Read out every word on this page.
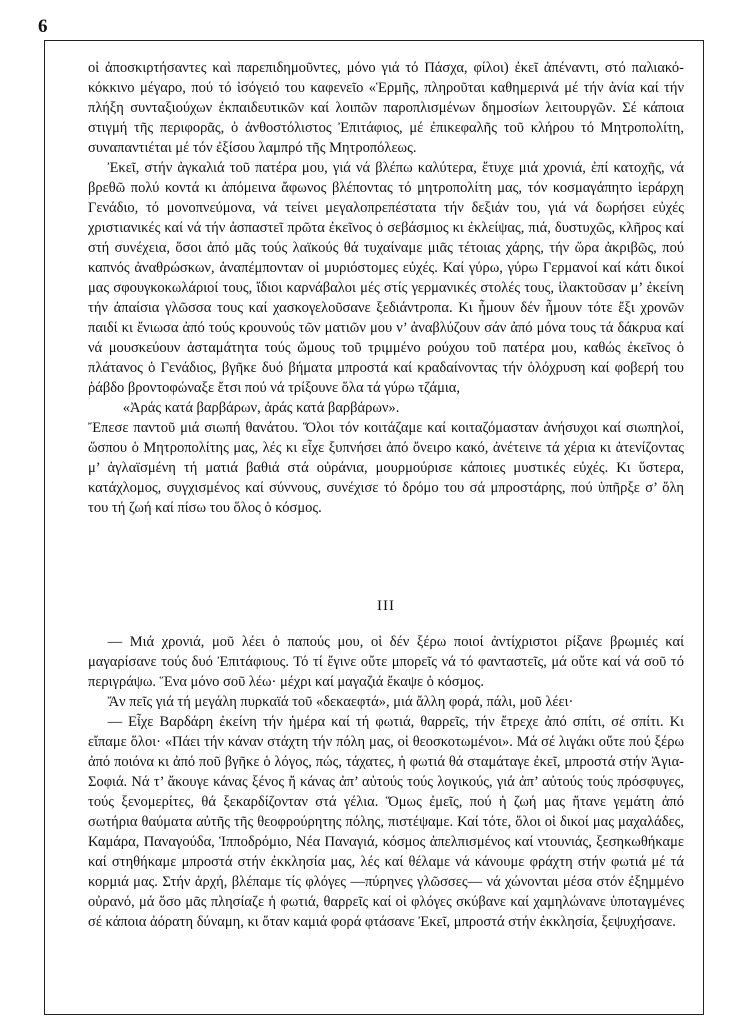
6

οἱ ἀποσκιρτήσαντες καὶ παρεπιδημοῦντες, μόνο γιά τό Πάσχα, φίλοι) ἐκεῖ ἀπέναντι, στό παλιακό-κόκκινο μέγαρο, πού τό ἰσόγειό του καφενεῖο «Ἑρμῆς, πληροῦται καθημερινά μέ τήν ἀνία καί τήν πλήξη συνταξιούχων ἐκπαιδευτικῶν καί λοιπῶν παροπλισμένων δημοσίων λειτουργῶν. Σέ κάποια στιγμή τῆς περιφορᾶς, ὁ ἀνθοστόλιστος Ἐπιτάφιος, μέ ἐπικεφαλῆς τοῦ κλήρου τό Μητροπολίτη, συναπαντιέται μέ τόν ἐξίσου λαμπρό τῆς Μητροπόλεως.

Ἐκεῖ, στήν ἀγκαλιά τοῦ πατέρα μου, γιά νά βλέπω καλύτερα, ἔτυχε μιά χρονιά, ἐπί κατοχῆς, νά βρεθῶ πολύ κοντά κι ἀπόμεινα ἄφωνος βλέποντας τό μητροπολίτη μας, τόν κοσμαγάπητο ἱεράρχη Γενάδιο, τό μονοπνεύμονα, νά τείνει μεγαλοπρεπέστατα τήν δεξιάν του, γιά νά δωρήσει εὐχές χριστιανικές καί νά τήν ἀσπαστεῖ πρῶτα ἐκεῖνος ὁ σεβάσμιος κι ἐκλείψας, πιά, δυστυχῶς, κλῆρος καί στή συνέχεια, ὅσοι ἀπό μᾶς τούς λαϊκούς θά τυχαίναμε μιᾶς τέτοιας χάρης, τήν ὥρα ἀκριβῶς, πού καπνός ἀναθρώσκων, ἀναπέμπονταν οἱ μυριόστομες εὐχές. Καί γύρω, γύρω Γερμανοί καί κάτι δικοί μας σφουγκοκωλάριοί τους, ἴδιοι καρνάβαλοι μές στίς γερμανικές στολές τους, ἰλακτοῦσαν μ’ ἐκείνη τήν ἀπαίσια γλῶσσα τους καί χασκογελοῦσανε ξεδιάντροπα. Κι ἦμουν δέν ἦμουν τότε ἔξι χρονῶν παιδί κι ἔνιωσα ἀπό τούς κρουνούς τῶν ματιῶν μου ν’ ἀναβλύζουν σάν ἀπό μόνα τους τά δάκρυα καί νά μουσκεύουν ἀσταμάτητα τούς ὤμους τοῦ τριμμένο ρούχου τοῦ πατέρα μου, καθώς ἐκεῖνος ὁ πλάτανος ὁ Γενάδιος, βγῆκε δυό βήματα μπροστά καί κραδαίνοντας τήν ὁλόχρυση καί φοβερή του ῥάβδο βροντοφώναξε ἔτσι πού νά τρίξουνε ὅλα τά γύρω τζάμια,

«Ἀράς κατά βαρβάρων, ἀράς κατά βαρβάρων».

Ἔπεσε παντοῦ μιά σιωπή θανάτου. Ὅλοι τόν κοιτάζαμε καί κοιταζόμασταν ἀνήσυχοι καί σιωπηλοί, ὥσπου ὁ Μητροπολίτης μας, λές κι εἶχε ξυπνήσει ἀπό ὄνειρο κακό, ἀνέτεινε τά χέρια κι ἀτενίζοντας μ’ ἀγλαϊσμένη τή ματιά βαθιά στά οὐράνια, μουρμούρισε κάποιες μυστικές εὐχές. Κι ὕστερα, κατάχλομος, συγχισμένος καί σύννους, συνέχισε τό δρόμο του σά μπροστάρης, πού ὑπῆρξε σ’ ὅλη του τή ζωή καί πίσω του ὅλος ὁ κόσμος.

III

— Μιά χρονιά, μοῦ λέει ὁ παπούς μου, οἱ δέν ξέρω ποιοί ἀντίχριστοι ρίξανε βρωμιές καί μαγαρίσανε τούς δυό Ἐπιτάφιους. Τό τί ἔγινε οὔτε μπορεῖς νά τό φανταστεῖς, μά οὔτε καί νά σοῦ τό περιγράψω. Ἕνα μόνο σοῦ λέω· μέχρι καί μαγαζιά ἔκαψε ὁ κόσμος.

Ἄν πεῖς γιά τή μεγάλη πυρκαϊά τοῦ «δεκαεφτά», μιά ἄλλη φορά, πάλι, μοῦ λέει·

— Εἶχε Βαρδάρη ἐκείνη τήν ἡμέρα καί τή φωτιά, θαρρεῖς, τήν ἔτρεχε ἀπό σπίτι, σέ σπίτι. Κι εἴπαμε ὅλοι· «Πάει τήν κάναν στάχτη τήν πόλη μας, οἱ θεοσκοτωμένοι». Μά σέ λιγάκι οὔτε πού ξέρω ἀπό ποιόνα κι ἀπό ποῦ βγῆκε ὁ λόγος, πώς, τάχατες, ἡ φωτιά θά σταμάταγε ἐκεῖ, μπροστά στήν Ἁγια-Σοφιά. Νά τ’ ἄκουγε κάνας ξένος ἤ κάνας ἀπ’ αὐτούς τούς λογικούς, γιά ἀπ’ αὐτούς τούς πρόσφυγες, τούς ξενομερίτες, θά ξεκαρδίζονταν στά γέλια. Ὅμως ἐμεῖς, πού ἡ ζωή μας ἤτανε γεμάτη ἀπό σωτήρια θαύματα αὐτῆς τῆς θεοφρούρητης πόλης, πιστέψαμε. Καί τότε, ὅλοι οἱ δικοί μας μαχαλάδες, Καμάρα, Παναγούδα, Ἱπποδρόμιο, Νέα Παναγιά, κόσμος ἀπελπισμένος καί ντουνιάς, ξεσηκωθήκαμε καί στηθήκαμε μπροστά στήν ἐκκλησία μας, λές καί θέλαμε νά κάνουμε φράχτη στήν φωτιά μέ τά κορμιά μας. Στήν ἀρχή, βλέπαμε τίς φλόγες —πύρηνες γλῶσσες— νά χώνονται μέσα στόν ἐξημμένο οὐρανό, μά ὅσο μᾶς πλησίαζε ἡ φωτιά, θαρρεῖς καί οἱ φλόγες σκύβανε καί χαμηλώνανε ὑποταγμένες σέ κάποια ἀόρατη δύναμη, κι ὅταν καμιά φορά φτάσανε Ἐκεῖ, μπροστά στήν ἐκκλησία, ξεψυχήσανε.
